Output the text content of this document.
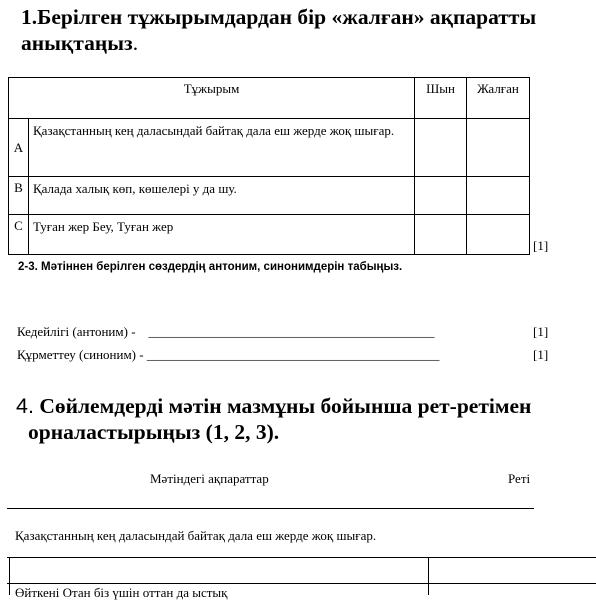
1.Берілген тұжырымдардан бір «жалған» ақпаратты
анықтаңыз.
Тұжырым		Шын	Жалған
A	Қазақстанның кең даласындай байтақ дала еш жерде жоқ шығар.		
B	Қалада халық көп, көшелері у да шу.		
C	Туған жер Беу, Туған жер		
[1]
2-3. Мәтіннен берілген сөздердің антоним, синонимдерін табыңыз.
Кедейлігі (антоним) -    ____________________________________________	[1]
Құрметтеу (синоним) - _____________________________________________	[1]
4. Сөйлемдерді мәтін мазмұны бойынша рет-ретімен
орналастырыңыз (1, 2, 3).
Мәтіндегі ақпараттар	Реті
Қазақстанның кең даласындай байтақ дала еш жерде жоқ шығар.
Өйткені Отан біз үшін оттан да ыстық
